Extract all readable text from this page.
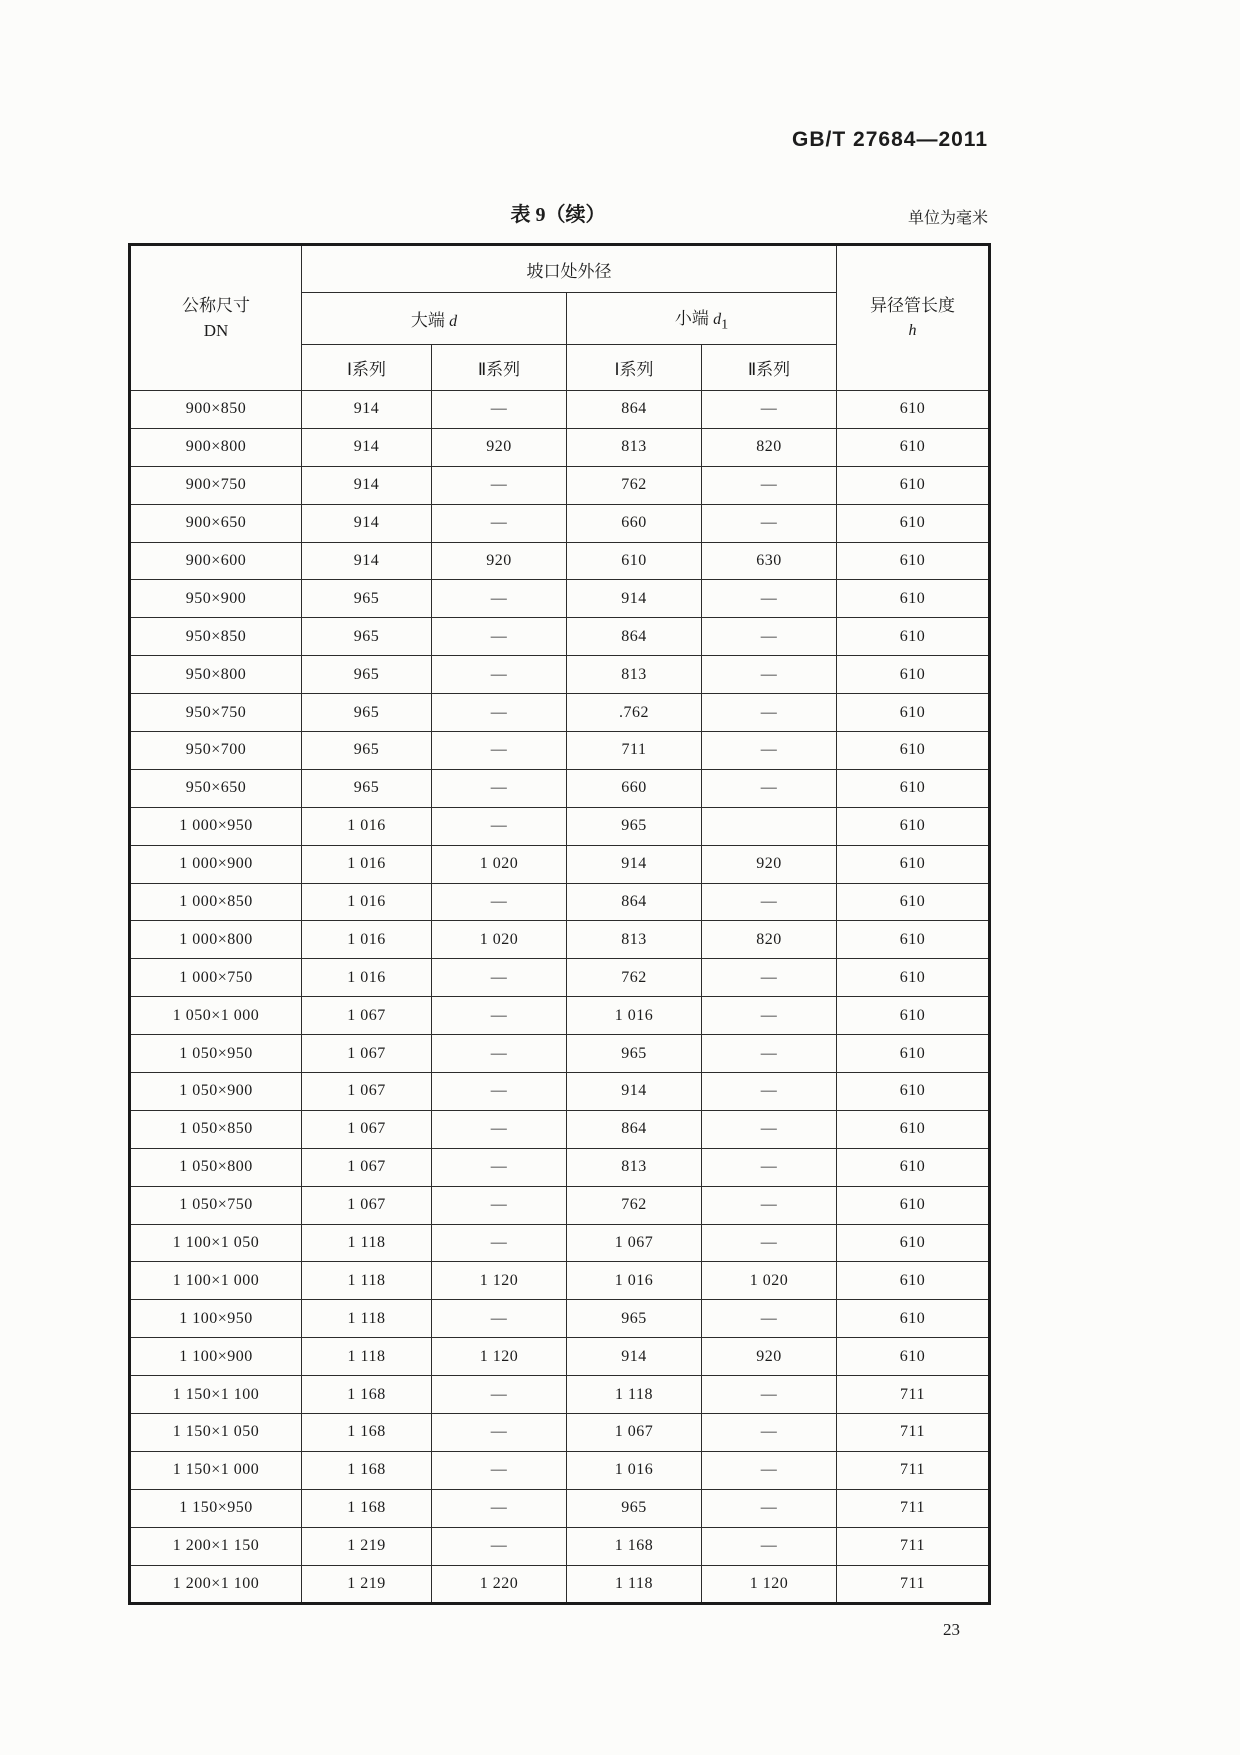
GB/T 27684—2011
表 9（续）	单位为毫米
公称尺寸
DN
	坡口处外径	
异径管长度
h

	大端 d		小端 $d_1$
	Ⅰ系列	Ⅱ系列	Ⅰ系列	Ⅱ系列	
900×850	914	—	864	—	610
900×800	914	920	813	820	610
900×750	914	—	762	—	610
900×650	914	—	660	—	610
900×600	914	920	610	630	610
950×900	965	—	914	—	610
950×850	965	—	864	—	610
950×800	965	—	813	—	610
950×750	965	—	.762	—	610
950×700	965	—	711	—	610
950×650	965	—	660	—	610
1 000×950	1 016	—	965		610
1 000×900	1 016	1 020	914	920	610
1 000×850	1 016	—	864	—	610
1 000×800	1 016	1 020	813	820	610
1 000×750	1 016	—	762	—	610
1 050×1 000	1 067	—	1 016	—	610
1 050×950	1 067	—	965	—	610
1 050×900	1 067	—	914	—	610
1 050×850	1 067	—	864	—	610
1 050×800	1 067	—	813	—	610
1 050×750	1 067	—	762	—	610
1 100×1 050	1 118	—	1 067	—	610
1 100×1 000	1 118	1 120	1 016	1 020	610
1 100×950	1 118	—	965	—	610
1 100×900	1 118	1 120	914	920	610
1 150×1 100	1 168	—	1 118	—	711
1 150×1 050	1 168	—	1 067	—	711
1 150×1 000	1 168	—	1 016	—	711
1 150×950	1 168	—	965	—	711
1 200×1 150	1 219	—	1 168	—	711
1 200×1 100	1 219	1 220	1 118	1 120	711
23
